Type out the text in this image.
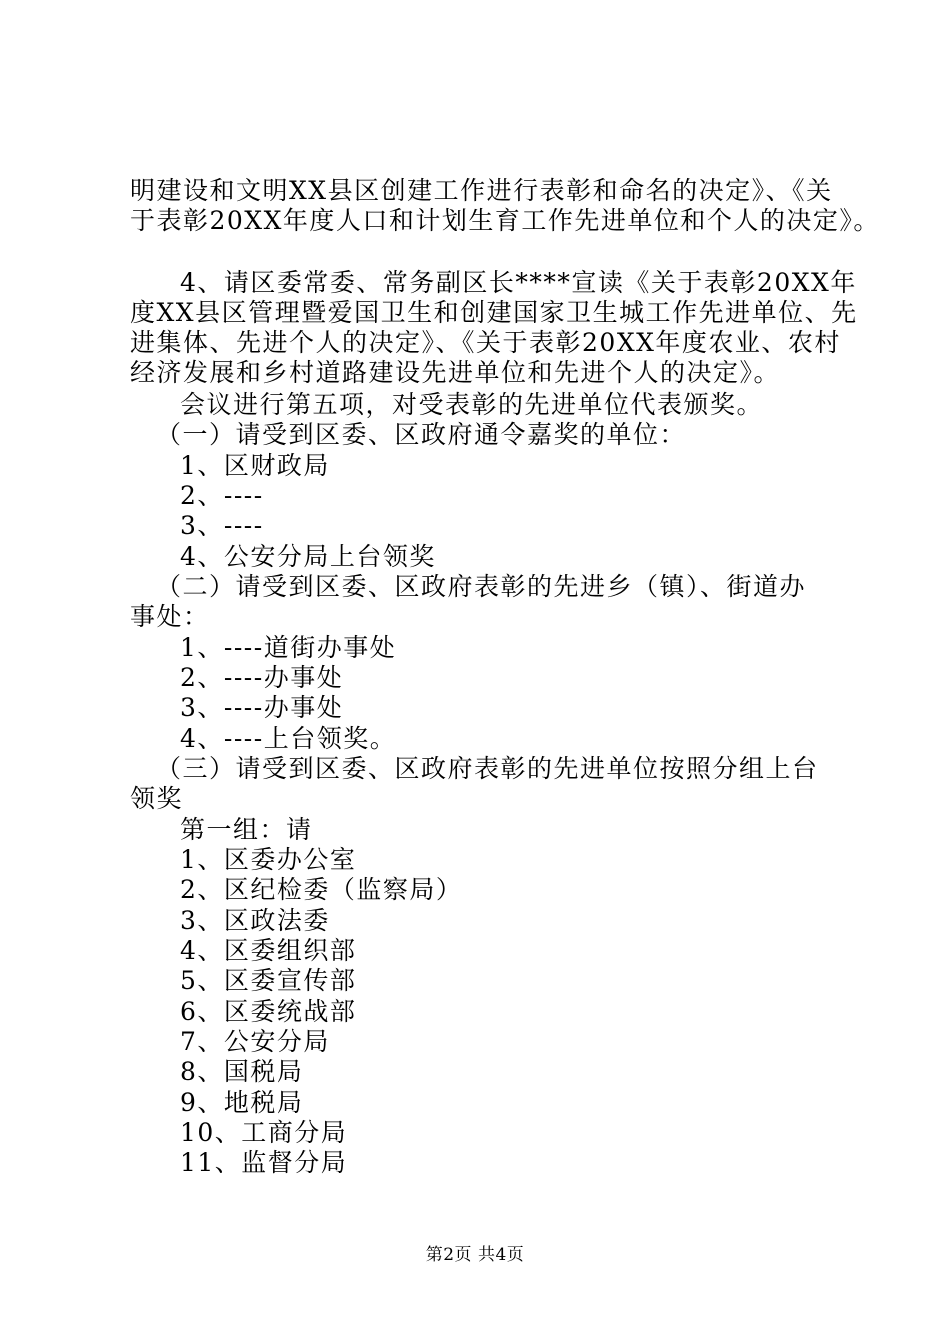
明建设和文明XX县区创建工作进行表彰和命名的决定》、《关
于表彰20XX年度人口和计划生育工作先进单位和个人的决定》。
4、请区委常委、常务副区长****宣读《关于表彰20XX年
度XX县区管理暨爱国卫生和创建国家卫生城工作先进单位、先
进集体、先进个人的决定》、《关于表彰20XX年度农业、农村
经济发展和乡村道路建设先进单位和先进个人的决定》。
会议进行第五项，对受表彰的先进单位代表颁奖。
（一）请受到区委、区政府通令嘉奖的单位：
1、区财政局
2、----
3、----
4、公安分局上台领奖
（二）请受到区委、区政府表彰的先进乡（镇）、街道办
事处：
1、----道街办事处
2、----办事处
3、----办事处
4、----上台领奖。
（三）请受到区委、区政府表彰的先进单位按照分组上台
领奖
第一组：请
1、区委办公室
2、区纪检委（监察局）
3、区政法委
4、区委组织部
5、区委宣传部
6、区委统战部
7、公安分局
8、国税局
9、地税局
10、工商分局
11、监督分局
第2页 共4页
